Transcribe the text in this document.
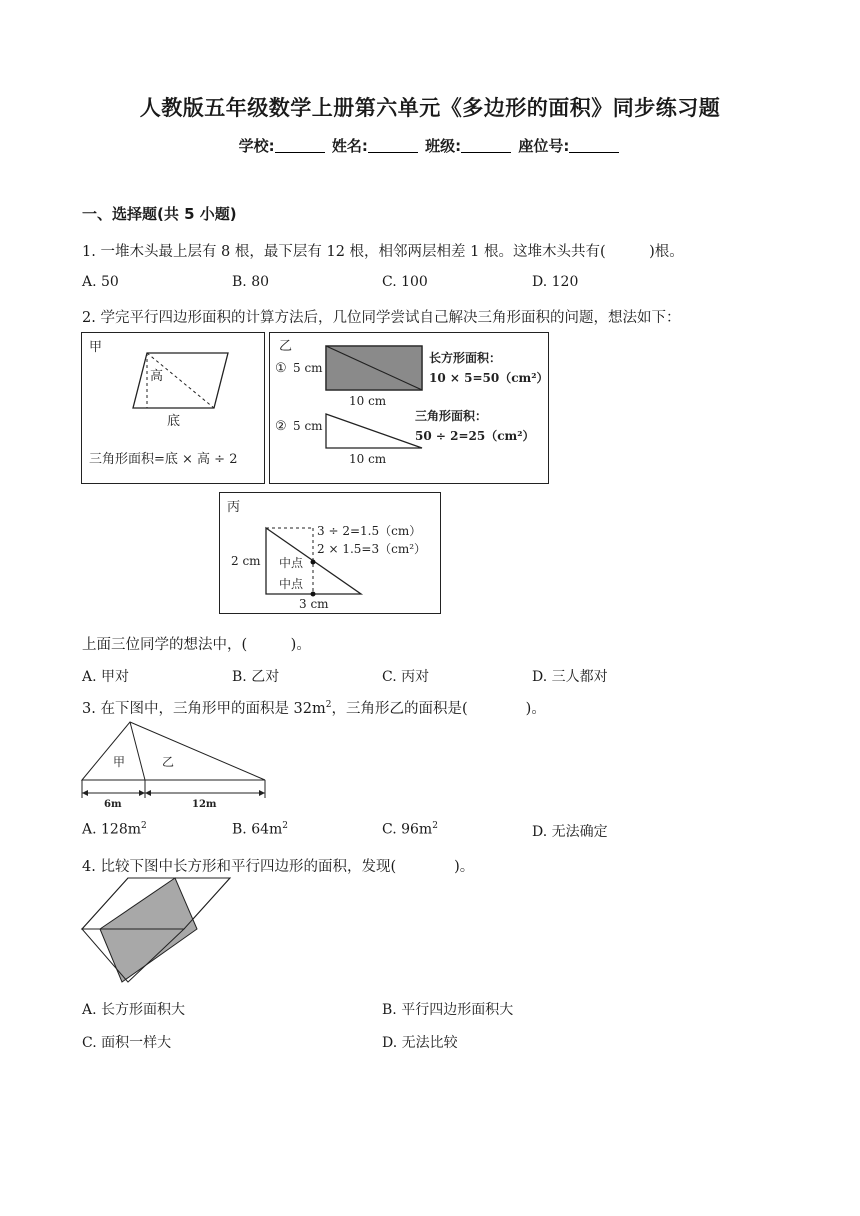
人教版五年级数学上册第六单元《多边形的面积》同步练习题
学校:	姓名:	班级:	座位号:
一、选择题(共 5 小题)
1. 一堆木头最上层有 8 根，最下层有 12 根，相邻两层相差 1 根。这堆木头共有(　　　)根。
A. 50	B. 80	C. 100	D. 120
2. 学完平行四边形面积的计算方法后，几位同学尝试自己解决三角形面积的问题，想法如下：
甲
高
底
三角形面积=底 × 高 ÷ 2
乙
① 5 cm
10 cm
长方形面积：
10 × 5=50（cm²）
② 5 cm
10 cm
三角形面积：
50 ÷ 2=25（cm²）
丙
2 cm
3 cm
中点
中点
3 ÷ 2=1.5（cm）
2 × 1.5=3（cm²）
上面三位同学的想法中，(　　　)。
A. 甲对	B. 乙对	C. 丙对	D. 三人都对
3. 在下图中，三角形甲的面积是 $32m^2$，三角形乙的面积是(　　　　)。
甲	乙
6m	12m
A. $128m^2$	B. $64m^2$	C. $96m^2$	D. 无法确定
4. 比较下图中长方形和平行四边形的面积，发现(　　　　)。
A. 长方形面积大	B. 平行四边形面积大
C. 面积一样大	D. 无法比较
